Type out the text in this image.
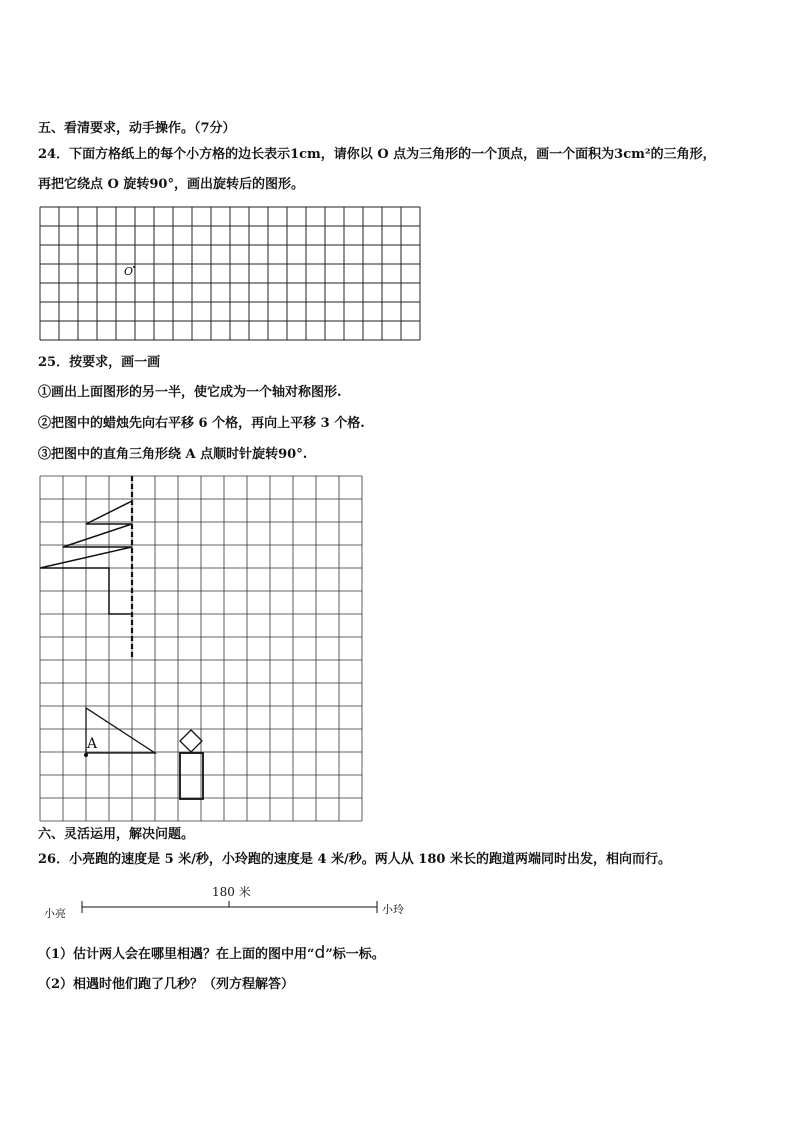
五、看清要求，动手操作。（7分）
24．下面方格纸上的每个小方格的边长表示1cm，请你以 O 点为三角形的一个顶点，画一个面积为3cm²的三角形，
再把它绕点 O 旋转90°，画出旋转后的图形。
O
25．按要求，画一画
①画出上面图形的另一半，使它成为一个轴对称图形.
②把图中的蜡烛先向右平移 6 个格，再向上平移 3 个格.
③把图中的直角三角形绕 A 点顺时针旋转90°.
A
六、灵活运用，解决问题。
26．小亮跑的速度是 5 米/秒，小玲跑的速度是 4 米/秒。两人从 180 米长的跑道两端同时出发，相向而行。
180 米
小亮	小玲
（1）估计两人会在哪里相遇？在上面的图中用“d”标一标。
（2）相遇时他们跑了几秒？（列方程解答）
